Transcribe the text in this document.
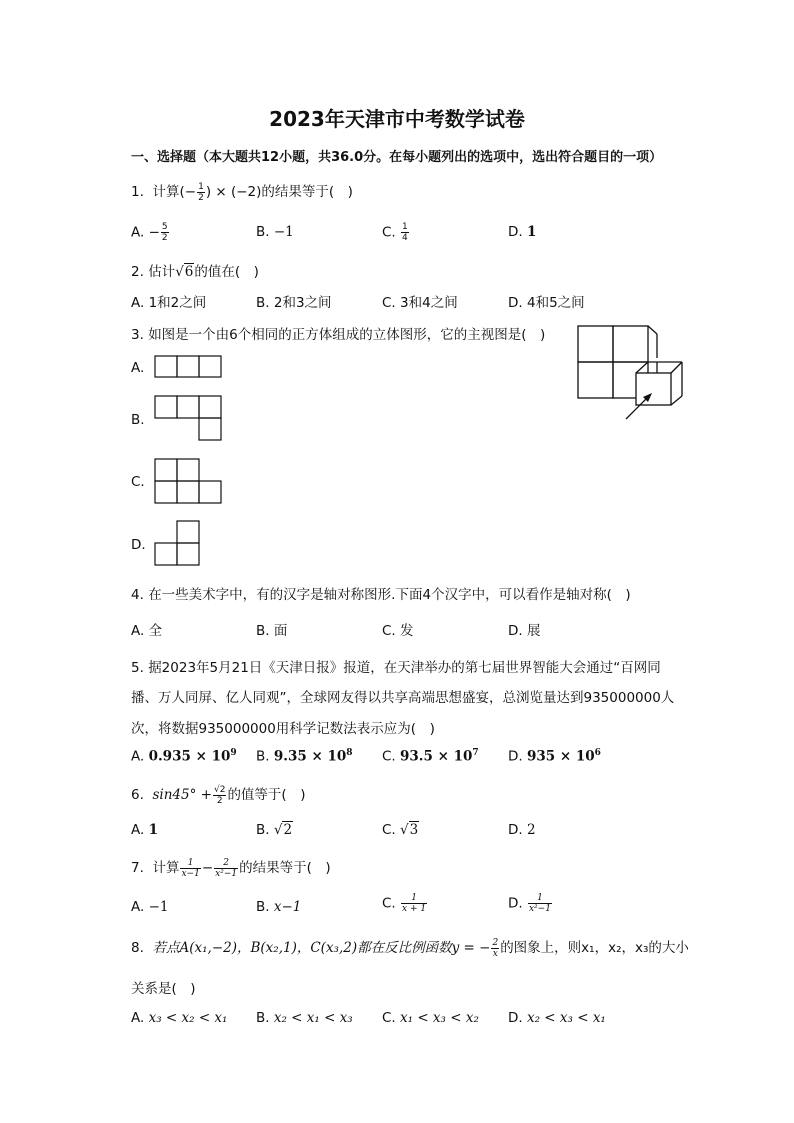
2023年天津市中考数学试卷
一、选择题（本大题共12小题，共36.0分。在每小题列出的选项中，选出符合题目的一项）
1. 计算(− $\frac{1}{2}$ ) × (−2)的结果等于(　)
A. − $\frac{5}{2}$	B. −1	C. $\frac{1}{4}$	D. 1
2. 估计√6的值在(　)
A. 1和2之间	B. 2和3之间	C. 3和4之间	D. 4和5之间
3. 如图是一个由6个相同的正方体组成的立体图形，它的主视图是(　)
A.
B.
C.
D.
4. 在一些美术字中，有的汉字是轴对称图形.下面4个汉字中，可以看作是轴对称(　)
A. 全	B. 面	C. 发	D. 展
5. 据2023年5月21日《天津日报》报道，在天津举办的第七届世界智能大会通过“百网同
播、万人同屏、亿人同观”，全球网友得以共享高端思想盛宴，总浏览量达到935000000人
次，将数据935000000用科学记数法表示应为(　)
A. $0.935 \times 10^9$ B. $9.35 \times 10^8$ C. $93.5 \times 10^7$ D. $935 \times 10^6$
6. $\sin 45^\circ + \frac{√2}{2}$ 的值等于(　)
A. 1	B. √2	C. √3	D. 2
7. 计算 $\frac{1}{x-1} - \frac{2}{\text{x²−1}}$ 的结果等于(　)
A. −1	B. x−1	C. $\frac{1}{x + 1}$	D. $\frac{1}{\text{x²−1}}$
8. 若点A(x₁,−2)，B(x₂,1)，C(x₃,2)都在反比例函数y = − $\frac{2}{x}$ 的图象上，则x₁，x₂，x₃的大小
关系是(　)
A. x₃ < x₂ < x₁ B. x₂ < x₁ < x₃ C. x₁ < x₃ < x₂ D. x₂ < x₃ < x₁
